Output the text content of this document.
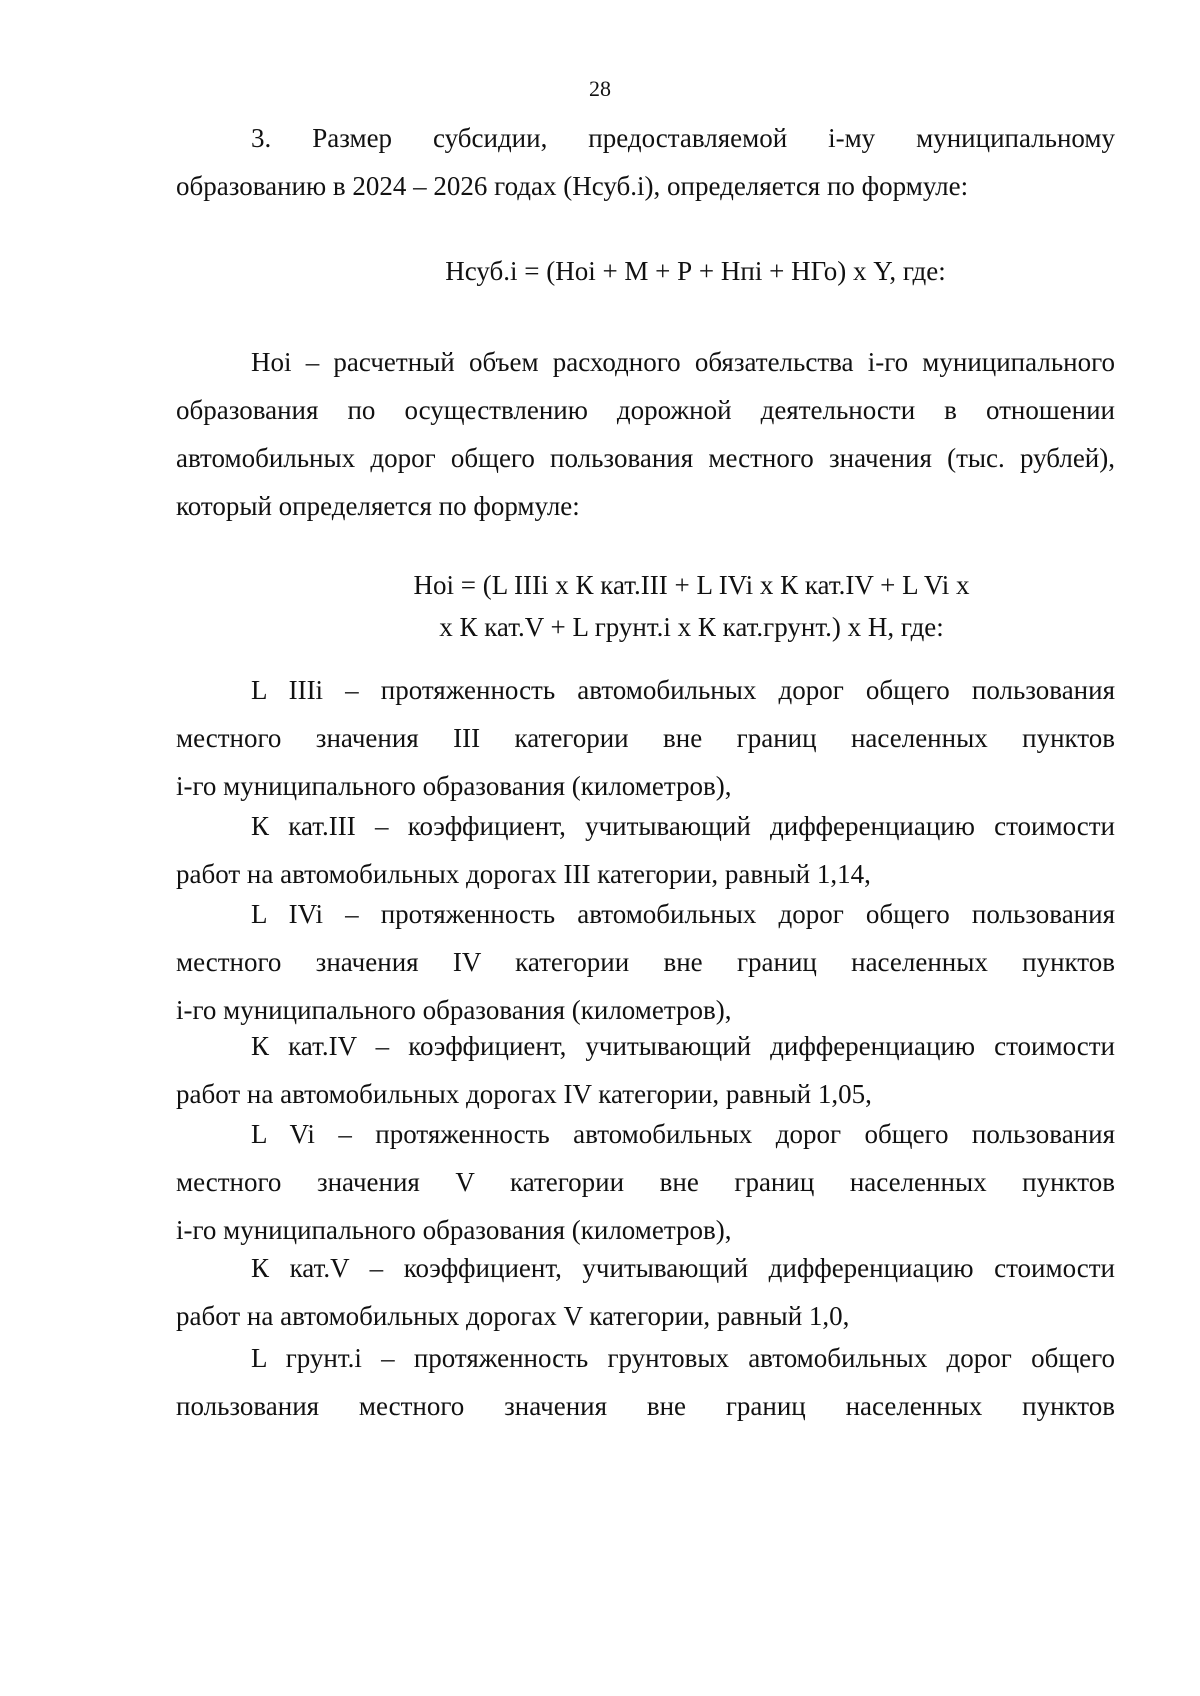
28
3. Размер субсидии, предоставляемой i-му муниципальному
образованию в 2024 – 2026 годах (Нсуб.i), определяется по формуле:

Нсуб.i = (Нoi + М + Р + Нпi + НГо) х Y, где:

Нoi – расчетный объем расходного обязательства i-го муниципального
образования по осуществлению дорожной деятельности в отношении
автомобильных дорог общего пользования местного значения (тыс. рублей),
который определяется по формуле:

Нoi = (L IIIi х К кат.III + L IVi х К кат.IV + L Vi х

х К кат.V + L грунт.i х К кат.грунт.) х Н, где:

L IIIi – протяженность автомобильных дорог общего пользования
местного значения III категории вне границ населенных пунктов
i-го муниципального образования (километров),
К кат.III – коэффициент, учитывающий дифференциацию стоимости
работ на автомобильных дорогах III категории, равный 1,14,
L IVi – протяженность автомобильных дорог общего пользования
местного значения IV категории вне границ населенных пунктов
i-го муниципального образования (километров),
К кат.IV – коэффициент, учитывающий дифференциацию стоимости
работ на автомобильных дорогах IV категории, равный 1,05,
L Vi – протяженность автомобильных дорог общего пользования
местного значения V категории вне границ населенных пунктов
i-го муниципального образования (километров),
К кат.V – коэффициент, учитывающий дифференциацию стоимости
работ на автомобильных дорогах V категории, равный 1,0,
L грунт.i – протяженность грунтовых автомобильных дорог общего
пользования местного значения вне границ населенных пунктов
